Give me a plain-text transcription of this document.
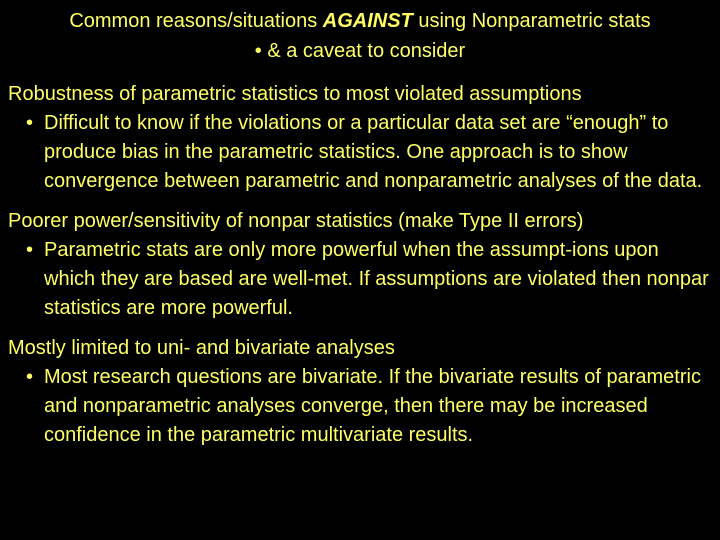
Common reasons/situations AGAINST using Nonparametric stats
• & a caveat to consider
Robustness of parametric statistics to most violated assumptions
• Difficult to know if the violations or a particular data set are “enough” to produce bias in the parametric statistics. One approach is to show convergence between parametric and nonparametric analyses of the data.
Poorer power/sensitivity of nonpar statistics (make Type II errors)
• Parametric stats are only more powerful when the assumpt-ions upon which they are based are well-met. If assumptions are violated then nonpar statistics are more powerful.
Mostly limited to uni- and bivariate analyses
• Most research questions are bivariate. If the bivariate results of parametric and nonparametric analyses converge, then there may be increased confidence in the parametric multivariate results.
